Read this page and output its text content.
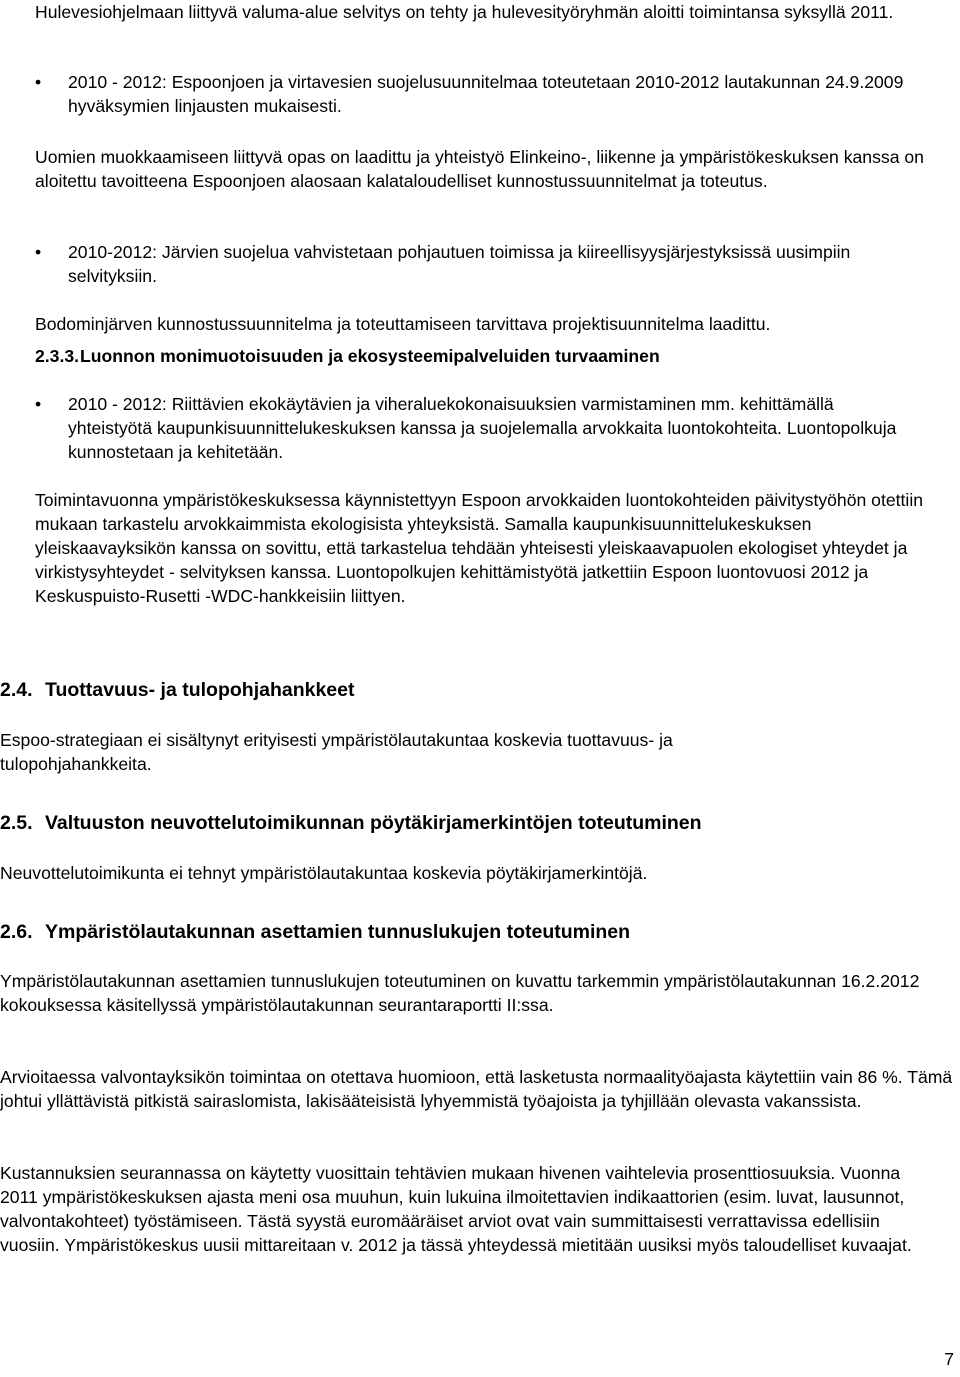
Hulevesiohjelmaan liittyvä valuma-alue selvitys on tehty ja hulevesityöryhmän aloitti toimintansa syksyllä 2011.

• 2010 - 2012: Espoonjoen ja virtavesien suojelusuunnitelmaa toteutetaan 2010-2012 lautakunnan 24.9.2009 hyväksymien linjausten mukaisesti.

Uomien muokkaamiseen liittyvä opas on laadittu ja yhteistyö Elinkeino-, liikenne ja ympäristökeskuksen kanssa on aloitettu tavoitteena Espoonjoen alaosaan kalataloudelliset kunnostussuunnitelmat ja toteutus.

• 2010-2012: Järvien suojelua vahvistetaan pohjautuen toimissa ja kiireellisyysjärjestyksissä uusimpiin selvityksiin.

Bodominjärven kunnostussuunnitelma ja toteuttamiseen tarvittava projektisuunnitelma laadittu.

2.3.3.Luonnon monimuotoisuuden ja ekosysteemipalveluiden turvaaminen
• 2010 - 2012: Riittävien ekokäytävien ja viheraluekokonaisuuksien varmistaminen mm. kehittämällä yhteistyötä kaupunkisuunnittelukeskuksen kanssa ja suojelemalla arvokkaita luontokohteita. Luontopolkuja kunnostetaan ja kehitetään.

Toimintavuonna ympäristökeskuksessa käynnistettyyn Espoon arvokkaiden luontokohteiden päivitystyöhön otettiin mukaan tarkastelu arvokkaimmista ekologisista yhteyksistä. Samalla kaupunkisuunnittelukeskuksen yleiskaavayksikön kanssa on sovittu, että tarkastelua tehdään yhteisesti yleiskaavapuolen ekologiset yhteydet ja virkistysyhteydet - selvityksen kanssa. Luontopolkujen kehittämistyötä jatkettiin Espoon luontovuosi 2012 ja Keskuspuisto-Rusetti -WDC-hankkeisiin liittyen.

2.4. Tuottavuus- ja tulopohjahankkeet

Espoo-strategiaan ei sisältynyt erityisesti ympäristölautakuntaa koskevia tuottavuus- ja tulopohjahankkeita.

2.5. Valtuuston neuvottelutoimikunnan pöytäkirjamerkintöjen toteutuminen

Neuvottelutoimikunta ei tehnyt ympäristölautakuntaa koskevia pöytäkirjamerkintöjä.

2.6. Ympäristölautakunnan asettamien tunnuslukujen toteutuminen

Ympäristölautakunnan asettamien tunnuslukujen toteutuminen on kuvattu tarkemmin ympäristölautakunnan 16.2.2012 kokouksessa käsitellyssä ympäristölautakunnan seurantaraportti II:ssa.

Arvioitaessa valvontayksikön toimintaa on otettava huomioon, että lasketusta normaalityöajasta käytettiin vain 86 %. Tämä johtui yllättävistä pitkistä sairaslomista, lakisääteisistä lyhyemmistä työajoista ja tyhjillään olevasta vakanssista.

Kustannuksien seurannassa on käytetty vuosittain tehtävien mukaan hivenen vaihtelevia prosenttiosuuksia. Vuonna 2011 ympäristökeskuksen ajasta meni osa muuhun, kuin lukuina ilmoitettavien indikaattorien (esim. luvat, lausunnot, valvontakohteet) työstämiseen. Tästä syystä euromääräiset arviot ovat vain summittaisesti verrattavissa edellisiin vuosiin. Ympäristökeskus uusii mittareitaan v. 2012 ja tässä yhteydessä mietitään uusiksi myös taloudelliset kuvaajat.

7
